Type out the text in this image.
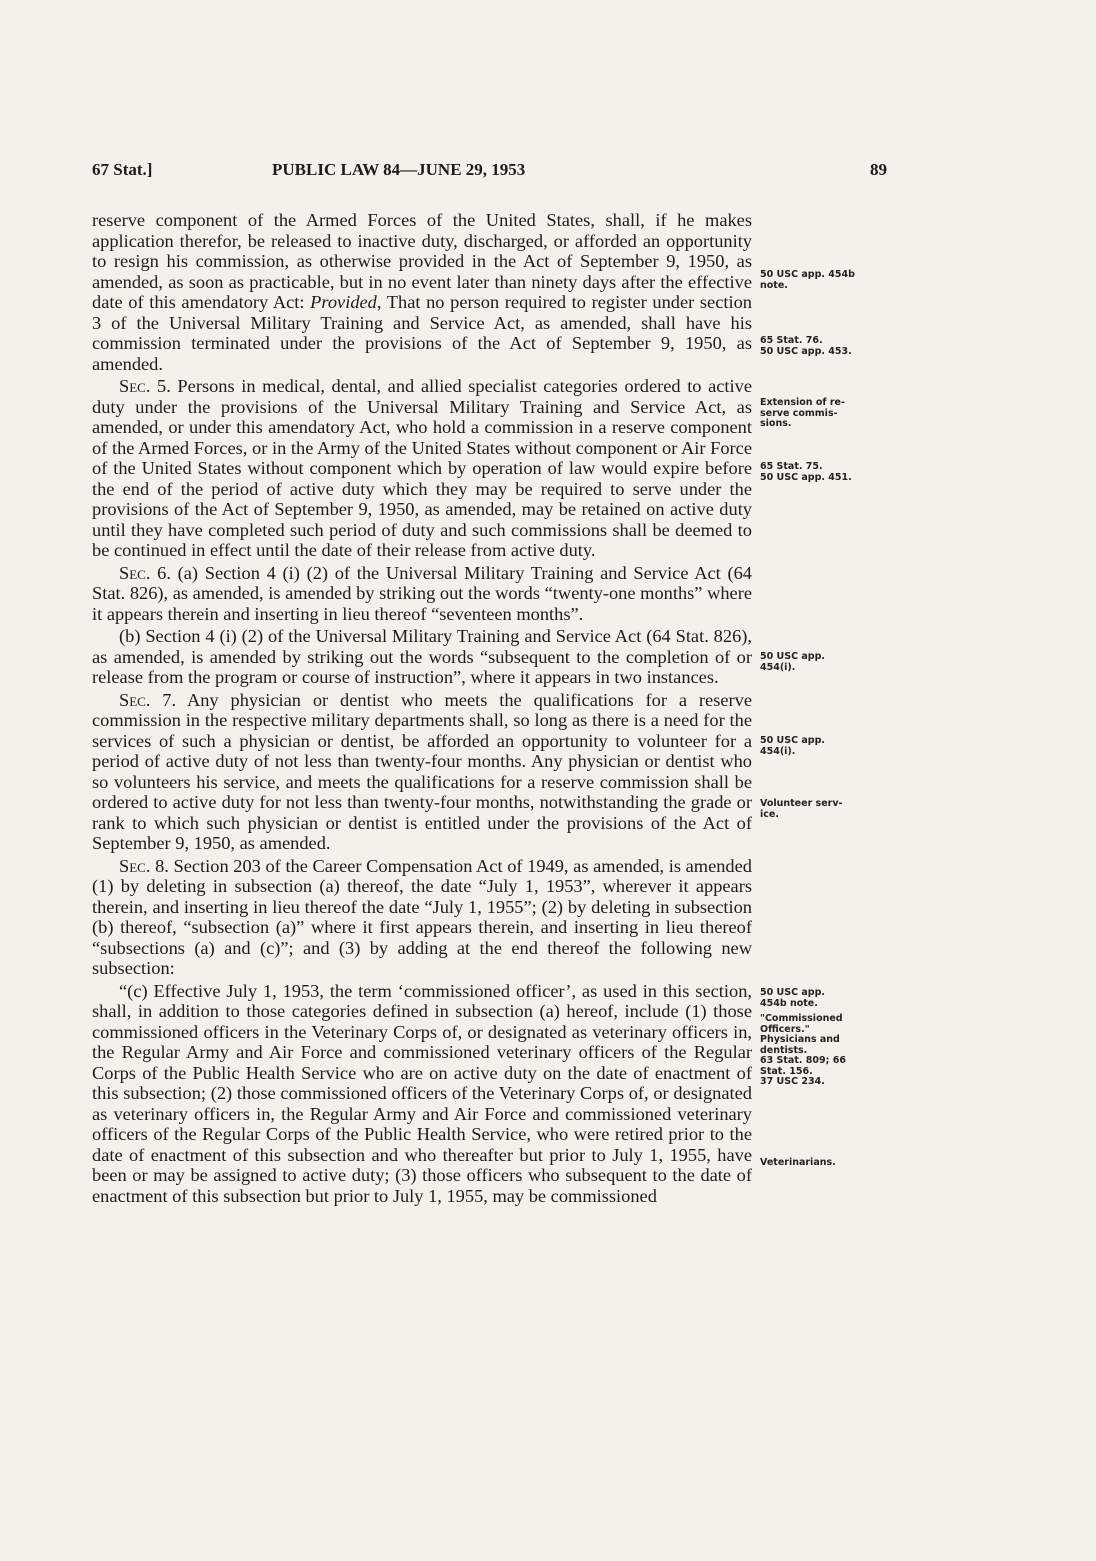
67 Stat.]	PUBLIC LAW 84—JUNE 29, 1953	89

reserve component of the Armed Forces of the United States, shall, if he makes application therefor, be released to inactive duty, discharged, or afforded an opportunity to resign his commission, as otherwise provided in the Act of September 9, 1950, as amended, as soon as practicable, but in no event later than ninety days after the effective date of this amendatory Act: Provided, That no person required to register under section 3 of the Universal Military Training and Service Act, as amended, shall have his commission terminated under the provisions of the Act of September 9, 1950, as amended.

Sec. 5. Persons in medical, dental, and allied specialist categories ordered to active duty under the provisions of the Universal Military Training and Service Act, as amended, or under this amendatory Act, who hold a commission in a reserve component of the Armed Forces, or in the Army of the United States without component or Air Force of the United States without component which by operation of law would expire before the end of the period of active duty which they may be required to serve under the provisions of the Act of September 9, 1950, as amended, may be retained on active duty until they have completed such period of duty and such commissions shall be deemed to be continued in effect until the date of their release from active duty.

Sec. 6. (a) Section 4 (i) (2) of the Universal Military Training and Service Act (64 Stat. 826), as amended, is amended by striking out the words “twenty-one months” where it appears therein and inserting in lieu thereof “seventeen months”.

(b) Section 4 (i) (2) of the Universal Military Training and Service Act (64 Stat. 826), as amended, is amended by striking out the words “subsequent to the completion of or release from the program or course of instruction”, where it appears in two instances.

Sec. 7. Any physician or dentist who meets the qualifications for a reserve commission in the respective military departments shall, so long as there is a need for the services of such a physician or dentist, be afforded an opportunity to volunteer for a period of active duty of not less than twenty-four months. Any physician or dentist who so volunteers his service, and meets the qualifications for a reserve commission shall be ordered to active duty for not less than twenty-four months, notwithstanding the grade or rank to which such physician or dentist is entitled under the provisions of the Act of September 9, 1950, as amended.

Sec. 8. Section 203 of the Career Compensation Act of 1949, as amended, is amended (1) by deleting in subsection (a) thereof, the date “July 1, 1953”, wherever it appears therein, and inserting in lieu thereof the date “July 1, 1955”; (2) by deleting in subsection (b) thereof, “subsection (a)” where it first appears therein, and inserting in lieu thereof “subsections (a) and (c)”; and (3) by adding at the end thereof the following new subsection:

“(c) Effective July 1, 1953, the term ‘commissioned officer’, as used in this section, shall, in addition to those categories defined in subsection (a) hereof, include (1) those commissioned officers in the Veterinary Corps of, or designated as veterinary officers in, the Regular Army and Air Force and commissioned veterinary officers of the Regular Corps of the Public Health Service who are on active duty on the date of enactment of this subsection; (2) those commissioned officers of the Veterinary Corps of, or designated as veterinary officers in, the Regular Army and Air Force and commissioned veterinary officers of the Regular Corps of the Public Health Service, who were retired prior to the date of enactment of this subsection and who thereafter but prior to July 1, 1955, have been or may be assigned to active duty; (3) those officers who subsequent to the date of enactment of this subsection but prior to July 1, 1955, may be commissioned

50 USC app. 454b
note.
65 Stat. 76.
50 USC app. 453.
Extension of re-
serve commis-
sions.
65 Stat. 75.
50 USC app. 451.
50 USC app.
454(i).
50 USC app.
454(i).
Volunteer serv-
ice.
50 USC app.
454b note.
"Commissioned
Officers."
Physicians and
dentists.
63 Stat. 809; 66
Stat. 156.
37 USC 234.
Veterinarians.
